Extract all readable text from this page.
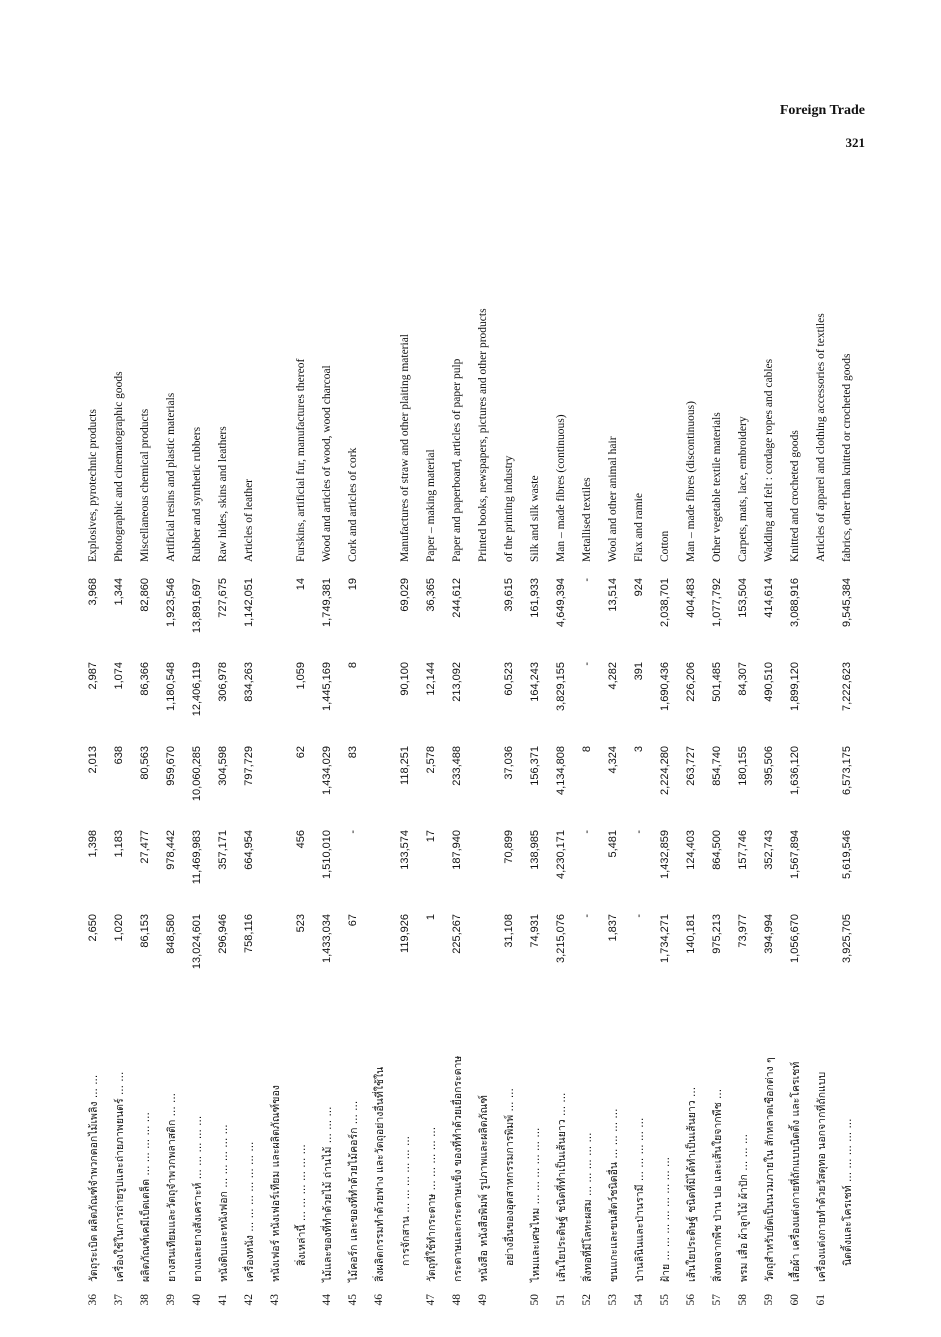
Foreign Trade
321
36	วัตถุระเบิด ผลิตภัณฑ์จำพวกดอกไม้เพลิง ... ...	2,650	1,398	2,013	2,987	3,968	Explosives, pyrotechnic products
37	เครื่องใช้ในการถ่ายรูปและถ่ายภาพยนตร์ ... ...	1,020	1,183	638	1,074	1,344	Photographic and cinematographic goods
38	ผลิตภัณฑ์เคมีเบ็ดเตล็ด ... ... ... ... ...	86,153	27,477	80,563	86,366	82,860	Miscellaneous chemical products
39	ยางสนเทียมและวัตถุจำพวกพลาสติก ... ...	848,580	978,442	959,670	1,180,548	1,923,546	Artificial resins and plastic materials
40	ยางและยางสังเคราะห์ ... ... ... ... ...	13,024,601	11,469,983	10,060,285	12,406,119	13,891,697	Rubber and synthetic rubbers
41	หนังดิบและหนังฟอก ... ... ... ... ...	296,946	357,171	304,598	306,978	727,675	Raw hides, skins and leathers
42	เครื่องหนัง ... ... ... ... ... ... ...	758,116	664,954	797,729	834,263	1,142,051	Articles of leather
43	หนังเฟอร์ หนังเฟอร์เทียม และผลิตภัณฑ์ของ						
	สิ่งเหล่านี้ ... ... ... ... ... ...	523	456	62	1,059	14	Furskins, artificial fur, manufactures thereof
44	ไม้และของที่ทำด้วยไม้ ถ่านไม้ ... ... ...	1,433,034	1,510,010	1,434,029	1,445,169	1,749,381	Wood and articles of wood, wood charcoal
45	ไม้คอร์ก และของที่ทำด้วยไม้คอร์ก ... ...	67	-	83	8	19	Cork and articles of cork
46	สิ่งผลิตกรรมทำด้วยฟาง และวัตถุอย่างอื่นที่ใช้ใน						
	การจักสาน ... ... ... ... ... ...	119,926	133,574	118,251	90,100	69,029	Manufactures of straw and other plaiting material
47	วัตถุที่ใช้ทำกระดาษ ... ... ... ... ...	1	17	2,578	12,144	36,365	Paper – making material
48	กระดาษและกระดาษแข็ง ของที่ทำด้วยเยื่อกระดาษ	225,267	187,940	233,488	213,092	244,612	Paper and paperboard, articles of paper pulp
49	หนังสือ หนังสือพิมพ์ รูปภาพและผลิตภัณฑ์						Printed books, newspapers, pictures and other products
	อย่างอื่นของอุตสาหกรรมการพิมพ์ ... ...	31,108	70,899	37,036	60,523	39,615	of the printing industry
50	ไหมและเศษไหม ... ... ... ... ... ...	74,931	138,985	156,371	164,243	161,933	Silk and silk waste
51	เส้นใยประดิษฐ์ ชนิดที่ทำเป็นเส้นยาว ... ...	3,215,076	4,230,171	4,134,808	3,829,155	4,649,394	Man – made fibres (continuous)
52	สิ่งทอที่มีโลหะผสม ... ... ... ... ...	-	-	8	-	-	Metallised textiles
53	ขนแกะและขนสัตว์ชนิดอื่น ... ... ... ...	1,837	5,481	4,324	4,282	13,514	Wool and other animal hair
54	ป่านลินินและป่านรามี ... ... ... ... ...	-	-	3	391	924	Flax and ramie
55	ฝ้าย ... ... ... ... ... ... ... ...	1,734,271	1,432,859	2,224,280	1,690,436	2,038,701	Cotton
56	เส้นใยประดิษฐ์ ชนิดที่มิได้ทำเป็นเส้นยาว ...	140,181	124,403	263,727	226,206	404,483	Man – made fibres (discontinuous)
57	สิ่งทอจากพืช ป่าน ปอ และเส้นใยจากพืช ...	975,213	864,500	854,740	501,485	1,077,792	Other vegetable textile materials
58	พรม เสื่อ ผ้าลูกไม้ ผ้าปัก ... ... ...	73,977	157,746	180,155	84,307	153,504	Carpets, mats, lace, embroidery
59	วัตถุสำหรับยัดเป็นนวมภายใน สักหลาดเชือกต่าง ๆ	394,994	352,743	395,506	490,510	414,614	Wadding and felt : cordage ropes and cables
60	เสื้อผ้า เครื่องแต่งกายที่ถักแบบนิตติ้ง และโครเชท์	1,056,670	1,567,894	1,636,120	1,899,120	3,088,916	Knitted and crocheted goods
61	เครื่องแต่งกายทำด้วยวัสดุทอ นอกจากที่ถักแบบ						Articles of apparel and clothing accessories of textiles
	นิตติ้งและโครเชท์ ... ... ... ... ...	3,925,705	5,619,546	6,573,175	7,222,623	9,545,384	fabrics, other than knitted or crocheted goods
